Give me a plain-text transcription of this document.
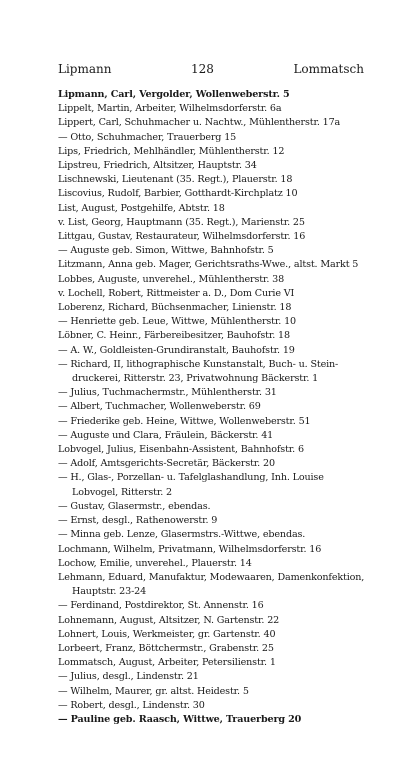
Lipmann	128	Lommatsch
Lipmann, Carl, Vergolder, Wollenweberstr. 5
Lippelt, Martin, Arbeiter, Wilhelmsdorferstr. 6a
Lippert, Carl, Schuhmacher u. Nachtw., Mühlentherstr. 17a
— Otto, Schuhmacher, Trauerberg 15
Lips, Friedrich, Mehlhändler, Mühlentherstr. 12
Lipstreu, Friedrich, Altsitzer, Hauptstr. 34
Lischnewski, Lieutenant (35. Regt.), Plauerstr. 18
Liscovius, Rudolf, Barbier, Gotthardt-Kirchplatz 10
List, August, Postgehilfe, Abtstr. 18
v. List, Georg, Hauptmann (35. Regt.), Marienstr. 25
Littgau, Gustav, Restaurateur, Wilhelmsdorferstr. 16
— Auguste geb. Simon, Wittwe, Bahnhofstr. 5
Litzmann, Anna geb. Mager, Gerichtsraths-Wwe., altst. Markt 5
Lobbes, Auguste, unverehel., Mühlentherstr. 38
v. Lochell, Robert, Rittmeister a. D., Dom Curie VI
Loberenz, Richard, Büchsenmacher, Linienstr. 18
— Henriette geb. Leue, Wittwe, Mühlentherstr. 10
Löbner, C. Heinr., Färbereibesitzer, Bauhofstr. 18
— A. W., Goldleisten-Grundiranstalt, Bauhofstr. 19
— Richard, II, lithographische Kunstanstalt, Buch- u. Stein-
druckerei, Ritterstr. 23, Privatwohnung Bäckerstr. 1
— Julius, Tuchmachermstr., Mühlentherstr. 31
— Albert, Tuchmacher, Wollenweberstr. 69
— Friederike geb. Heine, Wittwe, Wollenweberstr. 51
— Auguste und Clara, Fräulein, Bäckerstr. 41
Lobvogel, Julius, Eisenbahn-Assistent, Bahnhofstr. 6
— Adolf, Amtsgerichts-Secretär, Bäckerstr. 20
— H., Glas-, Porzellan- u. Tafelglashandlung, Inh. Louise
Lobvogel, Ritterstr. 2
— Gustav, Glasermstr., ebendas.
— Ernst, desgl., Rathenowerstr. 9
— Minna geb. Lenze, Glasermstrs.-Wittwe, ebendas.
Lochmann, Wilhelm, Privatmann, Wilhelmsdorferstr. 16
Lochow, Emilie, unverehel., Plauerstr. 14
Lehmann, Eduard, Manufaktur, Modewaaren, Damenkonfektion,
Hauptstr. 23-24
— Ferdinand, Postdirektor, St. Annenstr. 16
Lohnemann, August, Altsitzer, N. Gartenstr. 22
Lohnert, Louis, Werkmeister, gr. Gartenstr. 40
Lorbeert, Franz, Böttchermstr., Grabenstr. 25
Lommatsch, August, Arbeiter, Petersilienstr. 1
— Julius, desgl., Lindenstr. 21
— Wilhelm, Maurer, gr. altst. Heidestr. 5
— Robert, desgl., Lindenstr. 30
— Pauline geb. Raasch, Wittwe, Trauerberg 20
